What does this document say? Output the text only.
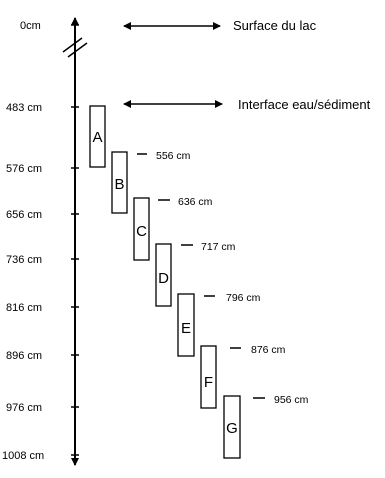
0cm
483 cm
576 cm
656 cm
736 cm
816 cm
896 cm
976 cm
1008 cm
Surface du lac
Interface eau/sédiment
A
B
C
D
E
F
G
556 cm
636 cm
717 cm
796 cm
876 cm
956 cm
